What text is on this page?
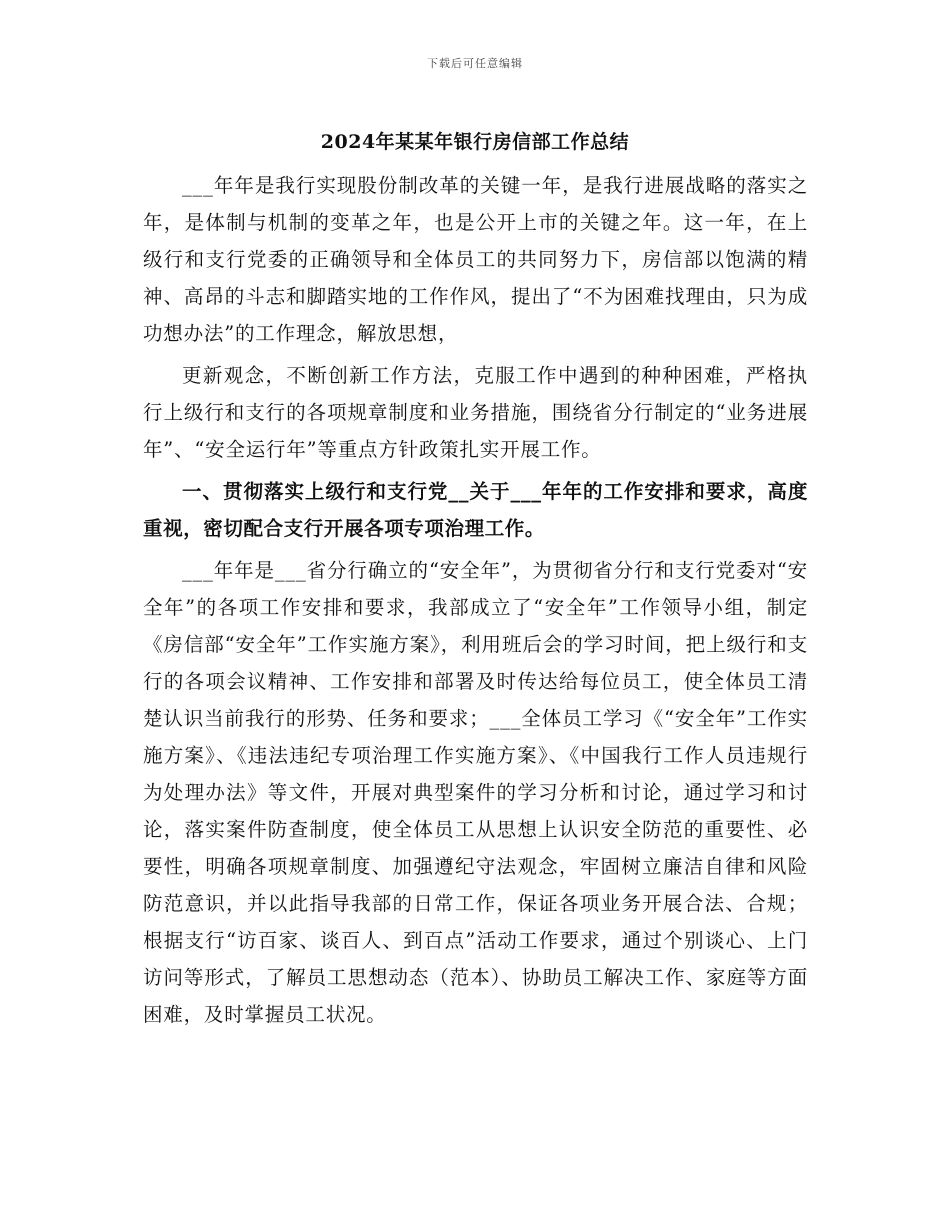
下载后可任意编辑
2024年某某年银行房信部工作总结

___年年是我行实现股份制改革的关键一年，是我行进展战略的落实之年，是体制与机制的变革之年，也是公开上市的关键之年。这一年，在上级行和支行党委的正确领导和全体员工的共同努力下，房信部以饱满的精神、高昂的斗志和脚踏实地的工作作风，提出了“不为困难找理由，只为成功想办法”的工作理念，解放思想，

更新观念，不断创新工作方法，克服工作中遇到的种种困难，严格执行上级行和支行的各项规章制度和业务措施，围绕省分行制定的“业务进展年”、“安全运行年”等重点方针政策扎实开展工作。

一、贯彻落实上级行和支行党__关于___年年的工作安排和要求，高度重视，密切配合支行开展各项专项治理工作。

___年年是___省分行确立的“安全年”，为贯彻省分行和支行党委对“安全年”的各项工作安排和要求，我部成立了“安全年”工作领导小组，制定《房信部“安全年”工作实施方案》，利用班后会的学习时间，把上级行和支行的各项会议精神、工作安排和部署及时传达给每位员工，使全体员工清楚认识当前我行的形势、任务和要求；___全体员工学习《“安全年”工作实施方案》、《违法违纪专项治理工作实施方案》、《中国我行工作人员违规行为处理办法》等文件，开展对典型案件的学习分析和讨论，通过学习和讨论，落实案件防查制度，使全体员工从思想上认识安全防范的重要性、必要性，明确各项规章制度、加强遵纪守法观念，牢固树立廉洁自律和风险防范意识，并以此指导我部的日常工作，保证各项业务开展合法、合规；根据支行“访百家、谈百人、到百点”活动工作要求，通过个别谈心、上门访问等形式，了解员工思想动态（范本）、协助员工解决工作、家庭等方面困难，及时掌握员工状况。
